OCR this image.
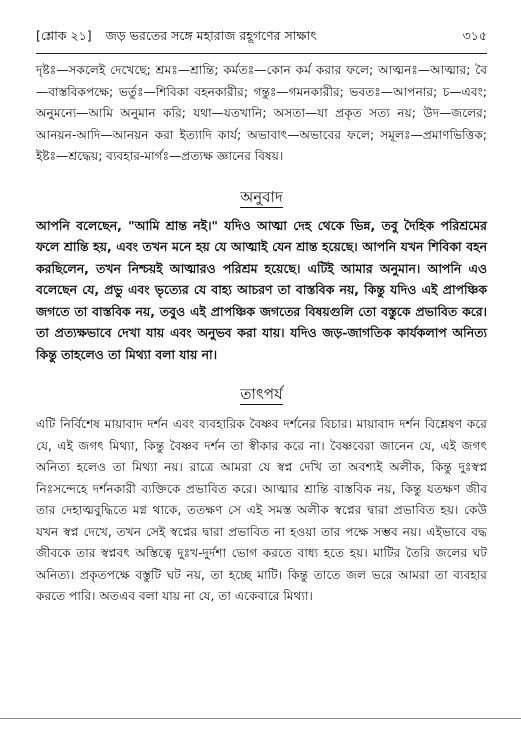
[শ্লোক ২১] জড় ভরতের সঙ্গে মহারাজ রহূগণের সাক্ষাৎ	৩১৫

দৃষ্টঃ—সকলেই দেখেছে; শ্রমঃ—শ্রান্তি; কর্মতঃ—কোন কর্ম করার ফলে; আত্মনঃ—আত্মার; বৈ—বাস্তবিকপক্ষে; ভর্তুঃ—শিবিকা বহনকারীর; গন্তুঃ—গমনকারীর; ভবতঃ—আপনার; চ—এবং; অনুমন্যে—আমি অনুমান করি; যথা—যতখানি; অসতা—যা প্রকৃত সত্য নয়; উদ—জলের; আনয়ন-আদি—আনয়ন করা ইত্যাদি কার্য; অভাবাৎ—অভাবের ফলে; সমূলঃ—প্রমাণভিত্তিক; ইষ্টঃ—শ্রদ্ধেয়; ব্যবহার-মার্গঃ—প্রত্যক্ষ জ্ঞানের বিষয়।

অনুবাদ

আপনি বলেছেন, "আমি শ্রান্ত নই।" যদিও আত্মা দেহ থেকে ভিন্ন, তবু দৈহিক পরিশ্রমের ফলে শ্রান্তি হয়, এবং তখন মনে হয় যে আত্মাই যেন শ্রান্ত হয়েছে। আপনি যখন শিবিকা বহন করছিলেন, তখন নিশ্চয়ই আত্মারও পরিশ্রম হয়েছে। এটিই আমার অনুমান। আপনি এও বলেছেন যে, প্রভু এবং ভৃত্যের যে বাহ্য আচরণ তা বাস্তবিক নয়, কিন্তু যদিও এই প্রাপঞ্চিক জগতে তা বাস্তবিক নয়, তবুও এই প্রাপঞ্চিক জগতের বিষয়গুলি তো বস্তুকে প্রভাবিত করে। তা প্রত্যক্ষভাবে দেখা যায় এবং অনুভব করা যায়। যদিও জড়-জাগতিক কার্যকলাপ অনিত্য কিন্তু তাহলেও তা মিথ্যা বলা যায় না।

তাৎপর্য

এটি নির্বিশেষ মায়াবাদ দর্শন এবং ব্যবহারিক বৈষ্ণব দর্শনের বিচার। মায়াবাদ দর্শন বিশ্লেষণ করে যে, এই জগৎ মিথ্যা, কিন্তু বৈষ্ণব দর্শন তা স্বীকার করে না। বৈষ্ণবেরা জানেন যে, এই জগৎ অনিত্য হলেও তা মিথ্যা নয়। রাত্রে আমরা যে স্বপ্ন দেখি তা অবশ্যই অলীক, কিন্তু দুঃস্বপ্ন নিঃসন্দেহে দর্শনকারী ব্যক্তিকে প্রভাবিত করে। আত্মার শ্রান্তি বাস্তবিক নয়, কিন্তু যতক্ষণ জীব তার দেহাত্মবুদ্ধিতে মগ্ন থাকে, ততক্ষণ সে এই সমস্ত অলীক স্বপ্নের দ্বারা প্রভাবিত হয়। কেউ যখন স্বপ্ন দেখে, তখন সেই স্বপ্নের দ্বারা প্রভাবিত না হওয়া তার পক্ষে সম্ভব নয়। এইভাবে বদ্ধ জীবকে তার স্বপ্নবৎ অস্তিত্বে দুঃখ-দুর্দশা ভোগ করতে বাধ্য হতে হয়। মাটির তৈরি জলের ঘট অনিত্য। প্রকৃতপক্ষে বস্তুটি ঘট নয়, তা হচ্ছে মাটি। কিন্তু তাতে জল ভরে আমরা তা ব্যবহার করতে পারি। অতএব বলা যায় না যে, তা একেবারে মিথ্যা।
